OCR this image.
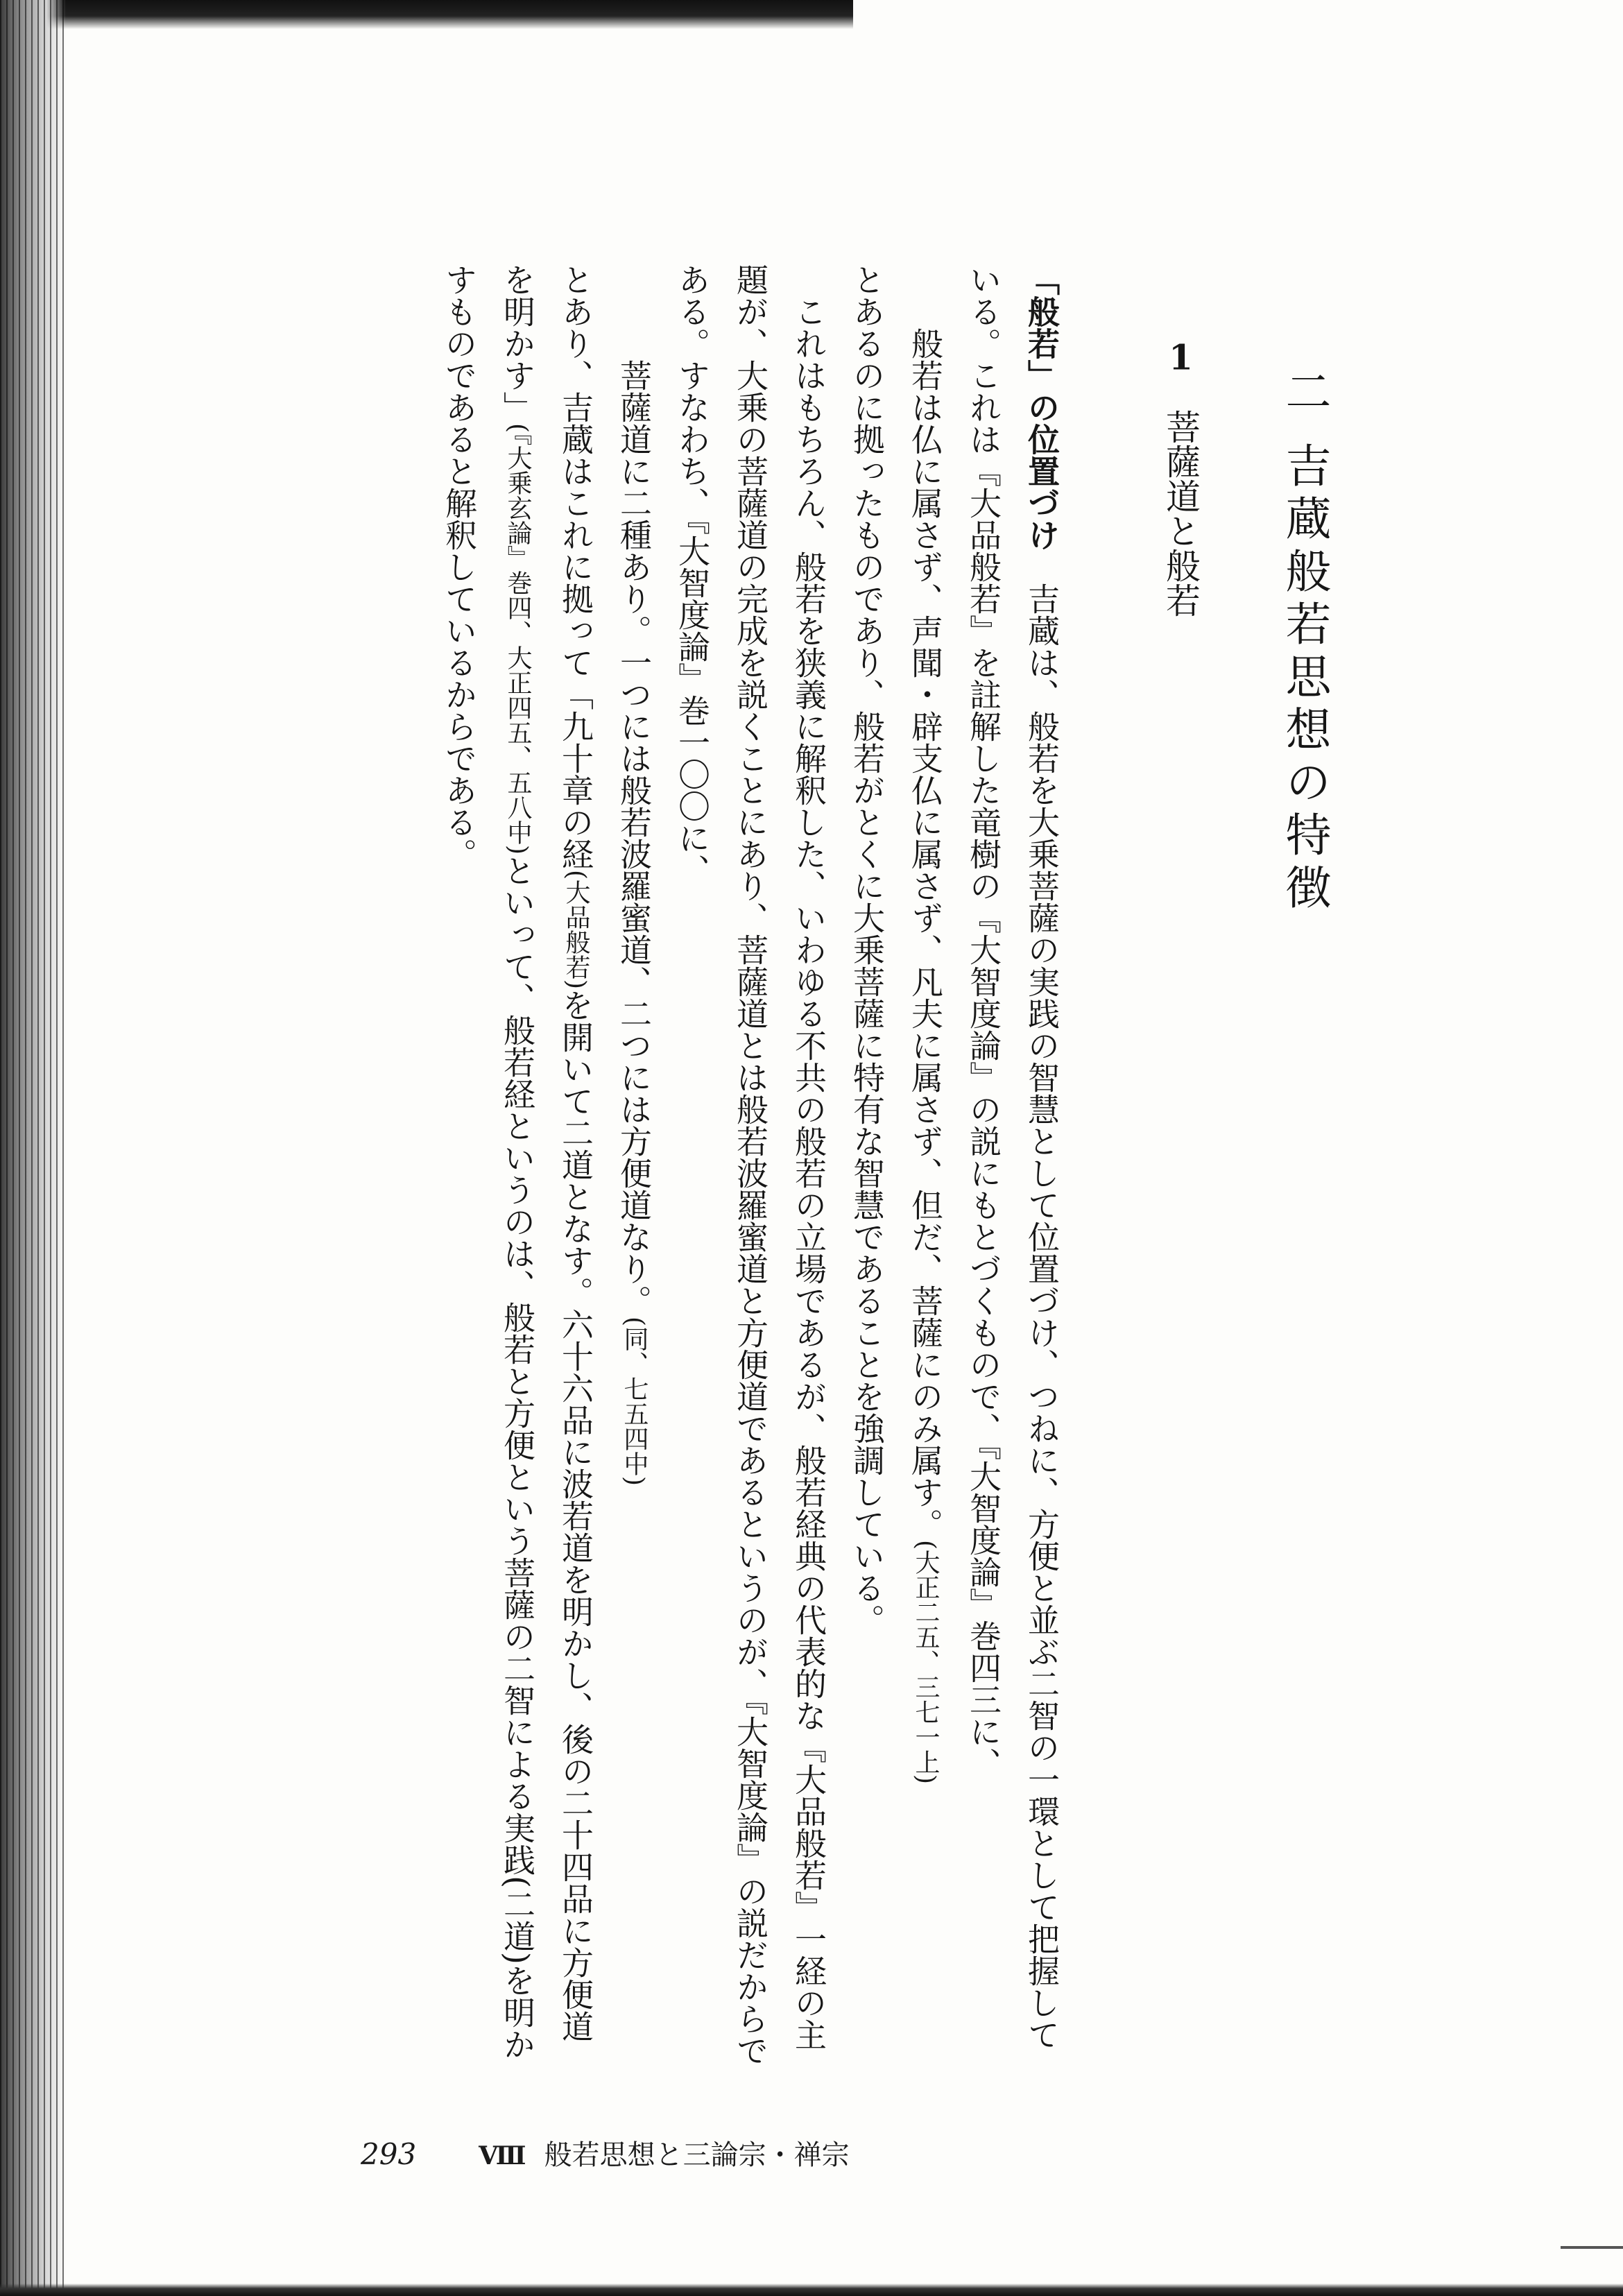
二 吉蔵般若思想の特徴
1菩薩道と般若
「般若」の位置づけ吉蔵は、般若を大乗菩薩の実践の智慧として位置づけ、つねに、方便と並ぶ二智の一環として把握している。これは『大品般若』を註解した竜樹の『大智度論』の説にもとづくもので、『大智度論』巻四三に、
般若は仏に属さず、声聞・辟支仏に属さず、凡夫に属さず、但だ、菩薩にのみ属す。(大正二五、三七一上)
とあるのに拠ったものであり、般若がとくに大乗菩薩に特有な智慧であることを強調している。
これはもちろん、般若を狭義に解釈した、いわゆる不共の般若の立場であるが、般若経典の代表的な『大品般若』一経の主題が、大乗の菩薩道の完成を説くことにあり、菩薩道とは般若波羅蜜道と方便道であるというのが、『大智度論』の説だからである。すなわち、『大智度論』巻一〇〇に、
菩薩道に二種あり。一つには般若波羅蜜道、二つには方便道なり。(同、七五四中)
とあり、吉蔵はこれに拠って「九十章の経(大品般若)を開いて二道となす。六十六品に波若道を明かし、後の二十四品に方便道を明かす」(『大乗玄論』巻四、大正四五、五八中)といって、般若経というのは、般若と方便という菩薩の二智による実践(二道)を明かすものであると解釈しているからである。
293	Ⅷ 般若思想と三論宗・禅宗
